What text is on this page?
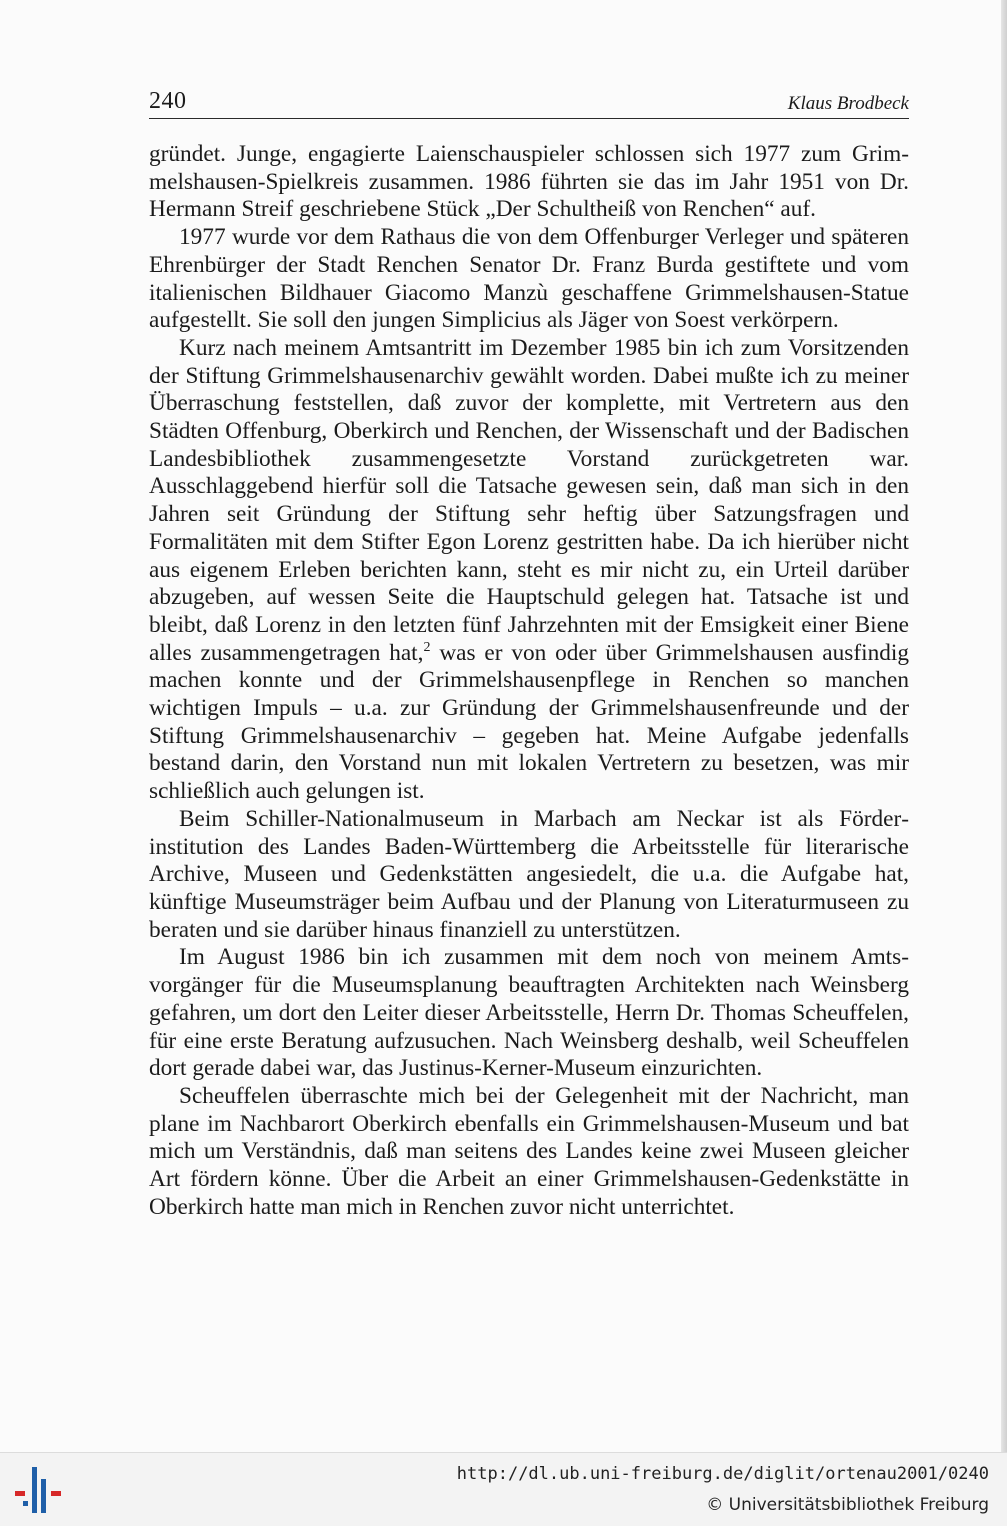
240	Klaus Brodbeck

gründet. Junge, engagierte Laienschauspieler schlossen sich 1977 zum Grimmelshausen-Spielkreis zusammen. 1986 führten sie das im Jahr 1951 von Dr. Hermann Streif geschriebene Stück „Der Schultheiß von Renchen“ auf.

1977 wurde vor dem Rathaus die von dem Offenburger Verleger und späteren Ehrenbürger der Stadt Renchen Senator Dr. Franz Burda gestiftete und vom italienischen Bildhauer Giacomo Manzù geschaffene Grimmelshausen-Statue aufgestellt. Sie soll den jungen Simplicius als Jäger von Soest verkörpern.

Kurz nach meinem Amtsantritt im Dezember 1985 bin ich zum Vorsitzenden der Stiftung Grimmelshausenarchiv gewählt worden. Dabei mußte ich zu meiner Überraschung feststellen, daß zuvor der komplette, mit Vertretern aus den Städten Offenburg, Oberkirch und Renchen, der Wissenschaft und der Badischen Landesbibliothek zusammengesetzte Vorstand zurückgetreten war. Ausschlaggebend hierfür soll die Tatsache gewesen sein, daß man sich in den Jahren seit Gründung der Stiftung sehr heftig über Satzungsfragen und Formalitäten mit dem Stifter Egon Lorenz gestritten habe. Da ich hierüber nicht aus eigenem Erleben berichten kann, steht es mir nicht zu, ein Urteil darüber abzugeben, auf wessen Seite die Hauptschuld gelegen hat. Tatsache ist und bleibt, daß Lorenz in den letzten fünf Jahrzehnten mit der Emsigkeit einer Biene alles zusammengetragen hat,$^2$ was er von oder über Grimmelshausen ausfindig machen konnte und der Grimmelshausenpflege in Renchen so manchen wichtigen Impuls – u.a. zur Gründung der Grimmelshausenfreunde und der Stiftung Grimmelshausenarchiv – gegeben hat. Meine Aufgabe jedenfalls bestand darin, den Vorstand nun mit lokalen Vertretern zu besetzen, was mir schließlich auch gelungen ist.

Beim Schiller-Nationalmuseum in Marbach am Neckar ist als Förderinstitution des Landes Baden-Württemberg die Arbeitsstelle für literarische Archive, Museen und Gedenkstätten angesiedelt, die u.a. die Aufgabe hat, künftige Museumsträger beim Aufbau und der Planung von Literaturmuseen zu beraten und sie darüber hinaus finanziell zu unterstützen.

Im August 1986 bin ich zusammen mit dem noch von meinem Amtsvorgänger für die Museumsplanung beauftragten Architekten nach Weinsberg gefahren, um dort den Leiter dieser Arbeitsstelle, Herrn Dr. Thomas Scheuffelen, für eine erste Beratung aufzusuchen. Nach Weinsberg deshalb, weil Scheuffelen dort gerade dabei war, das Justinus-Kerner-Museum einzurichten.

Scheuffelen überraschte mich bei der Gelegenheit mit der Nachricht, man plane im Nachbarort Oberkirch ebenfalls ein Grimmelshausen-Museum und bat mich um Verständnis, daß man seitens des Landes keine zwei Museen gleicher Art fördern könne. Über die Arbeit an einer Grimmelshausen-Gedenkstätte in Oberkirch hatte man mich in Renchen zuvor nicht unterrichtet.

http://dl.ub.uni-freiburg.de/diglit/ortenau2001/0240
© Universitätsbibliothek Freiburg
